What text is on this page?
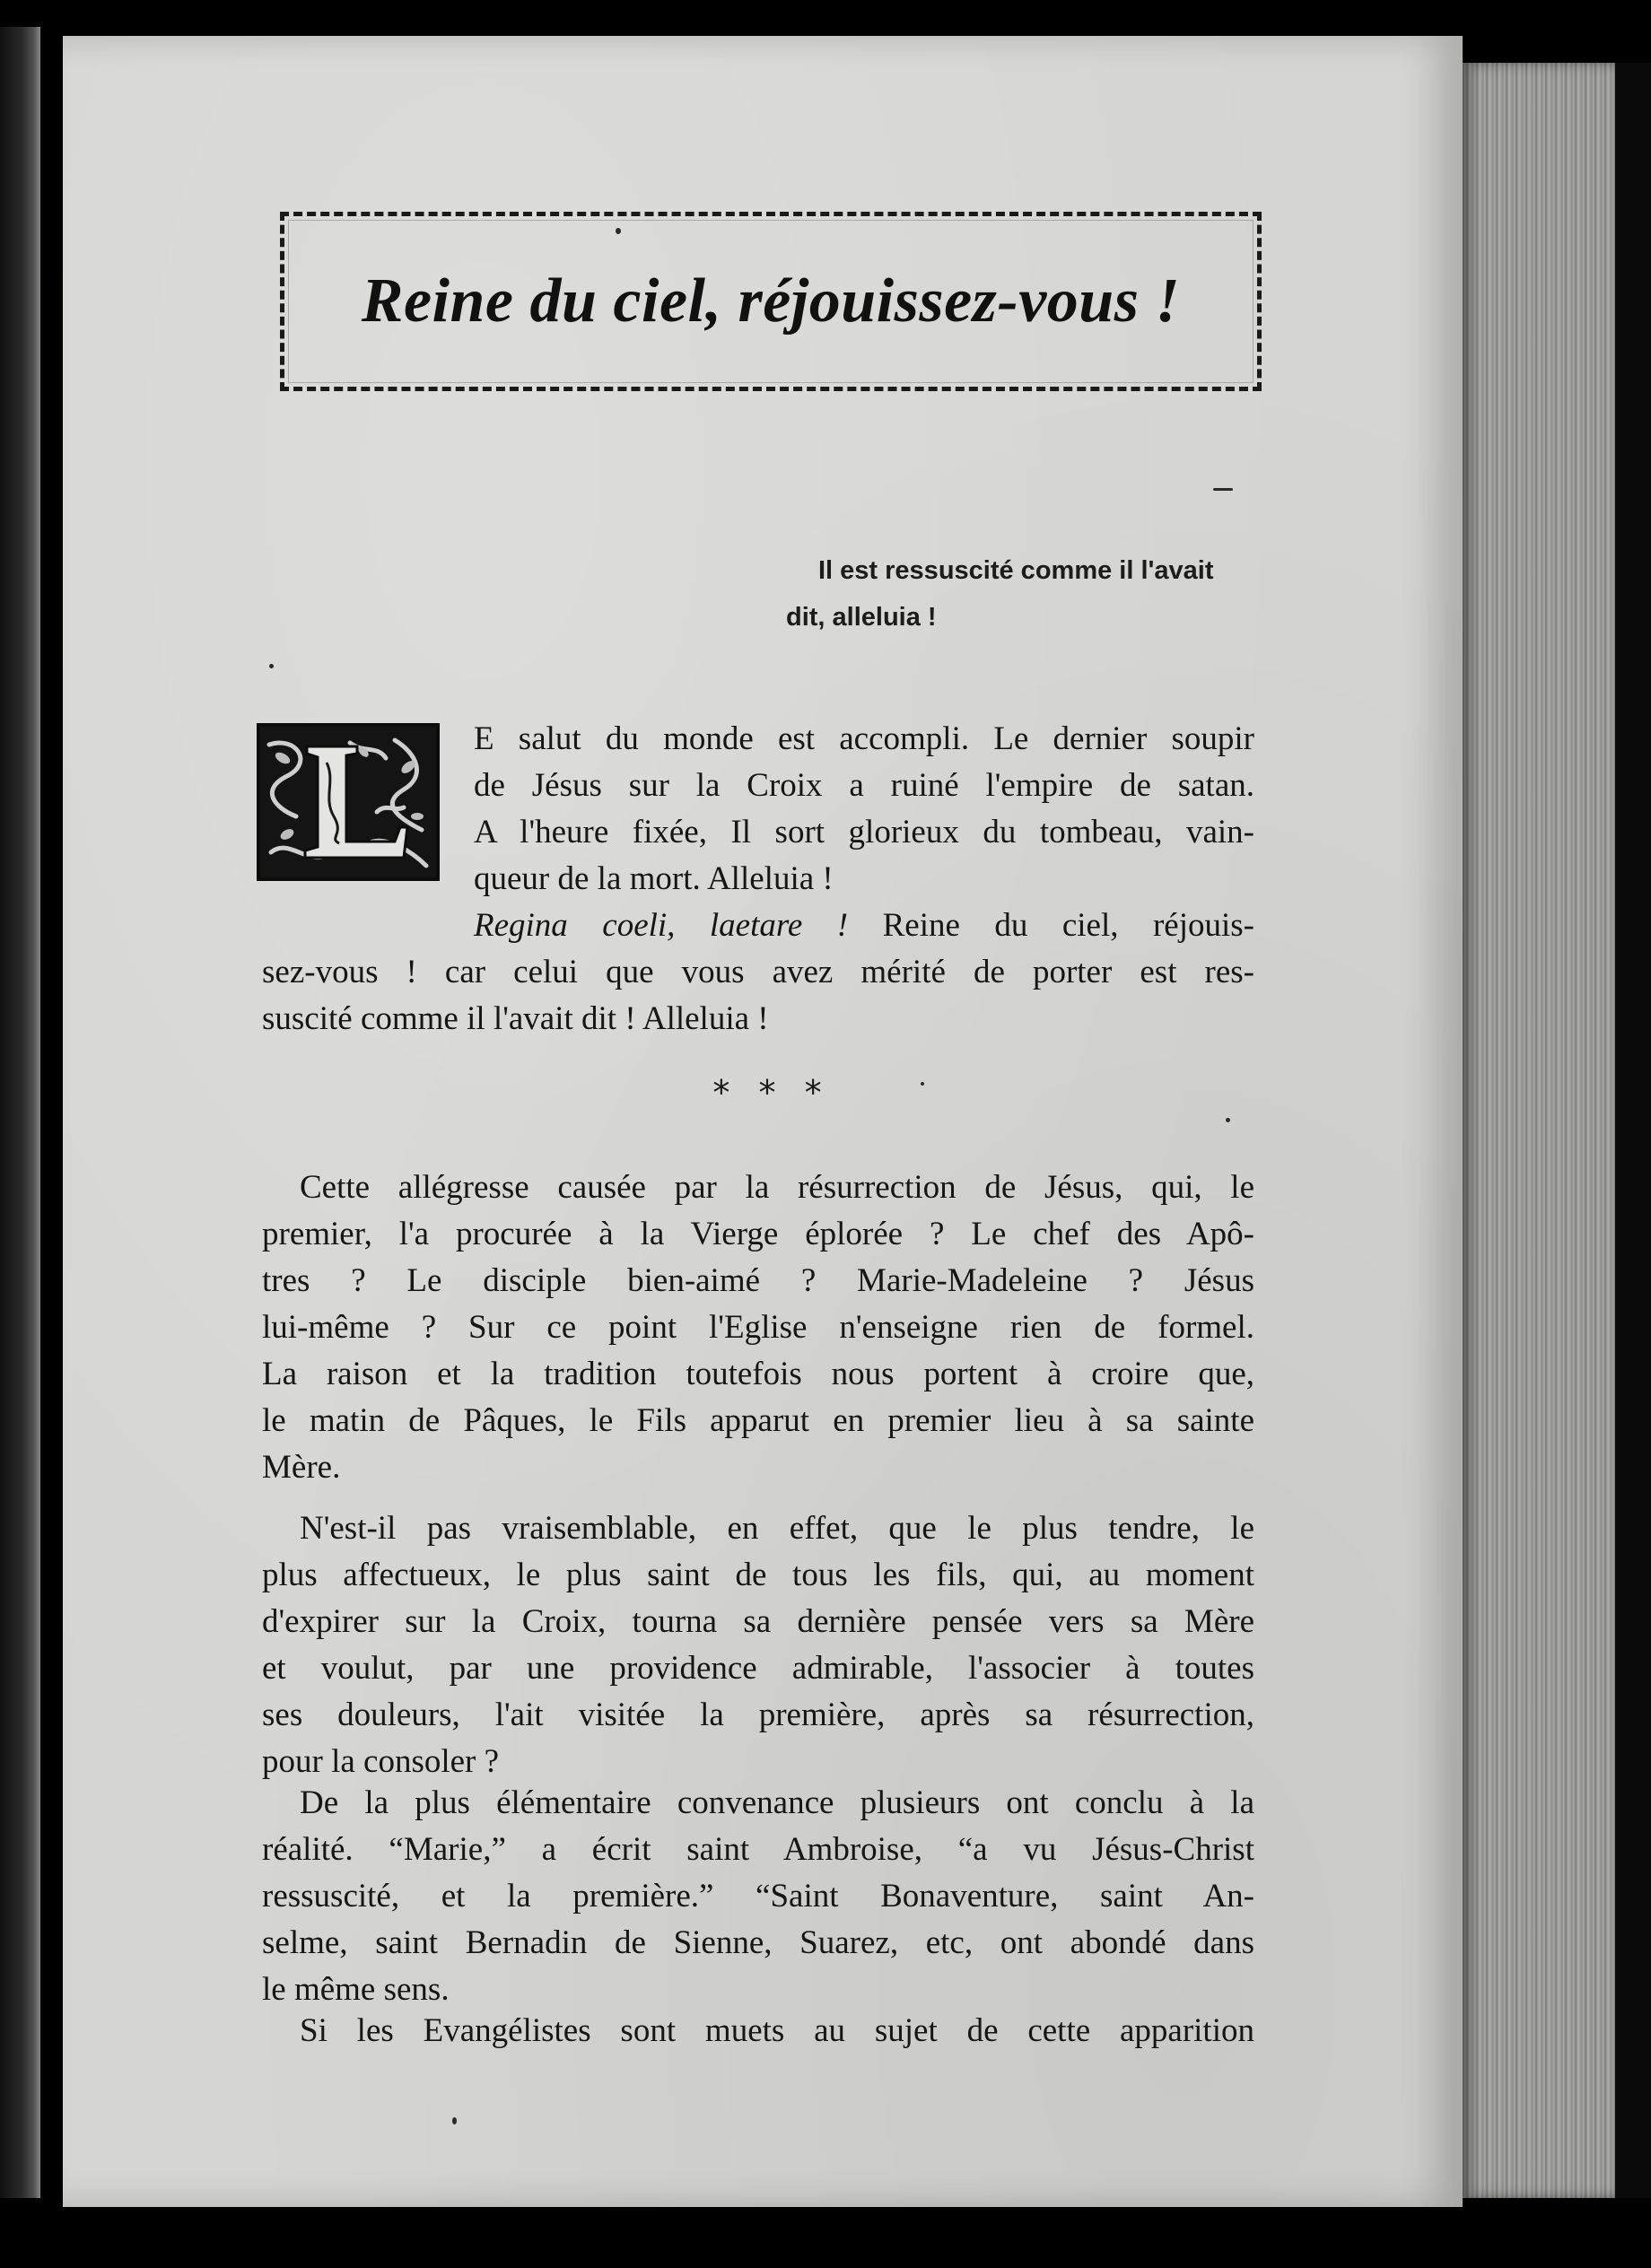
Reine du ciel, réjouissez-vous !
Il est ressuscité comme il l'avait
dit, alleluia !
E salut du monde est accompli. Le dernier soupir
de Jésus sur la Croix a ruiné l'empire de satan.
A l'heure fixée, Il sort glorieux du tombeau, vain-
queur de la mort. Alleluia !
Regina coeli, laetare ! Reine du ciel, réjouis-
sez-vous ! car celui que vous avez mérité de porter est res-
suscité comme il l'avait dit ! Alleluia !
* * *
Cette allégresse causée par la résurrection de Jésus, qui, le
premier, l'a procurée à la Vierge éplorée ? Le chef des Apô-
tres ? Le disciple bien-aimé ? Marie-Madeleine ? Jésus
lui-même ? Sur ce point l'Eglise n'enseigne rien de formel.
La raison et la tradition toutefois nous portent à croire que,
le matin de Pâques, le Fils apparut en premier lieu à sa sainte
Mère.
N'est-il pas vraisemblable, en effet, que le plus tendre, le
plus affectueux, le plus saint de tous les fils, qui, au moment
d'expirer sur la Croix, tourna sa dernière pensée vers sa Mère
et voulut, par une providence admirable, l'associer à toutes
ses douleurs, l'ait visitée la première, après sa résurrection,
pour la consoler ?
De la plus élémentaire convenance plusieurs ont conclu à la
réalité. “Marie,” a écrit saint Ambroise, “a vu Jésus-Christ
ressuscité, et la première.” “Saint Bonaventure, saint An-
selme, saint Bernadin de Sienne, Suarez, etc, ont abondé dans
le même sens.
Si les Evangélistes sont muets au sujet de cette apparition
